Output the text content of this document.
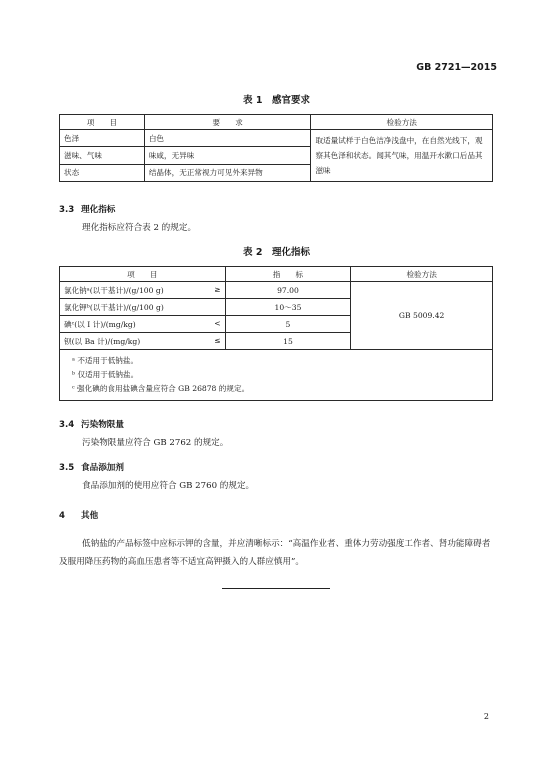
GB 2721—2015
表 1　感官要求
项　　目	要　　求	检验方法
色泽	白色	取适量试样于白色洁净浅盘中，在自然光线下，观察其色泽和状态。闻其气味，用温开水漱口后品其滋味
滋味、气味	味咸，无异味	
状态	结晶体，无正常视力可见外来异物	
3.3 理化指标
理化指标应符合表 2 的规定。
表 2　理化指标
项　　目	指　　标	检验方法
氯化钠ᵃ(以干基计)/(g/100 g) ≥	97.00	GB 5009.42
氯化钾ᵇ(以干基计)/(g/100 g)	10～35	
碘ᶜ(以 I 计)/(mg/kg) <	5	
钡(以 Ba 计)/(mg/kg) ≤	15	

ᵃ 不适用于低钠盐。
ᵇ 仅适用于低钠盐。
ᶜ 强化碘的食用盐碘含量应符合 GB 26878 的规定。		
3.4 污染物限量
污染物限量应符合 GB 2762 的规定。
3.5 食品添加剂
食品添加剂的使用应符合 GB 2760 的规定。
4 其他
低钠盐的产品标签中应标示钾的含量，并应清晰标示：“高温作业者、重体力劳动强度工作者、肾功能障碍者及服用降压药物的高血压患者等不适宜高钾摄入的人群应慎用”。
2
